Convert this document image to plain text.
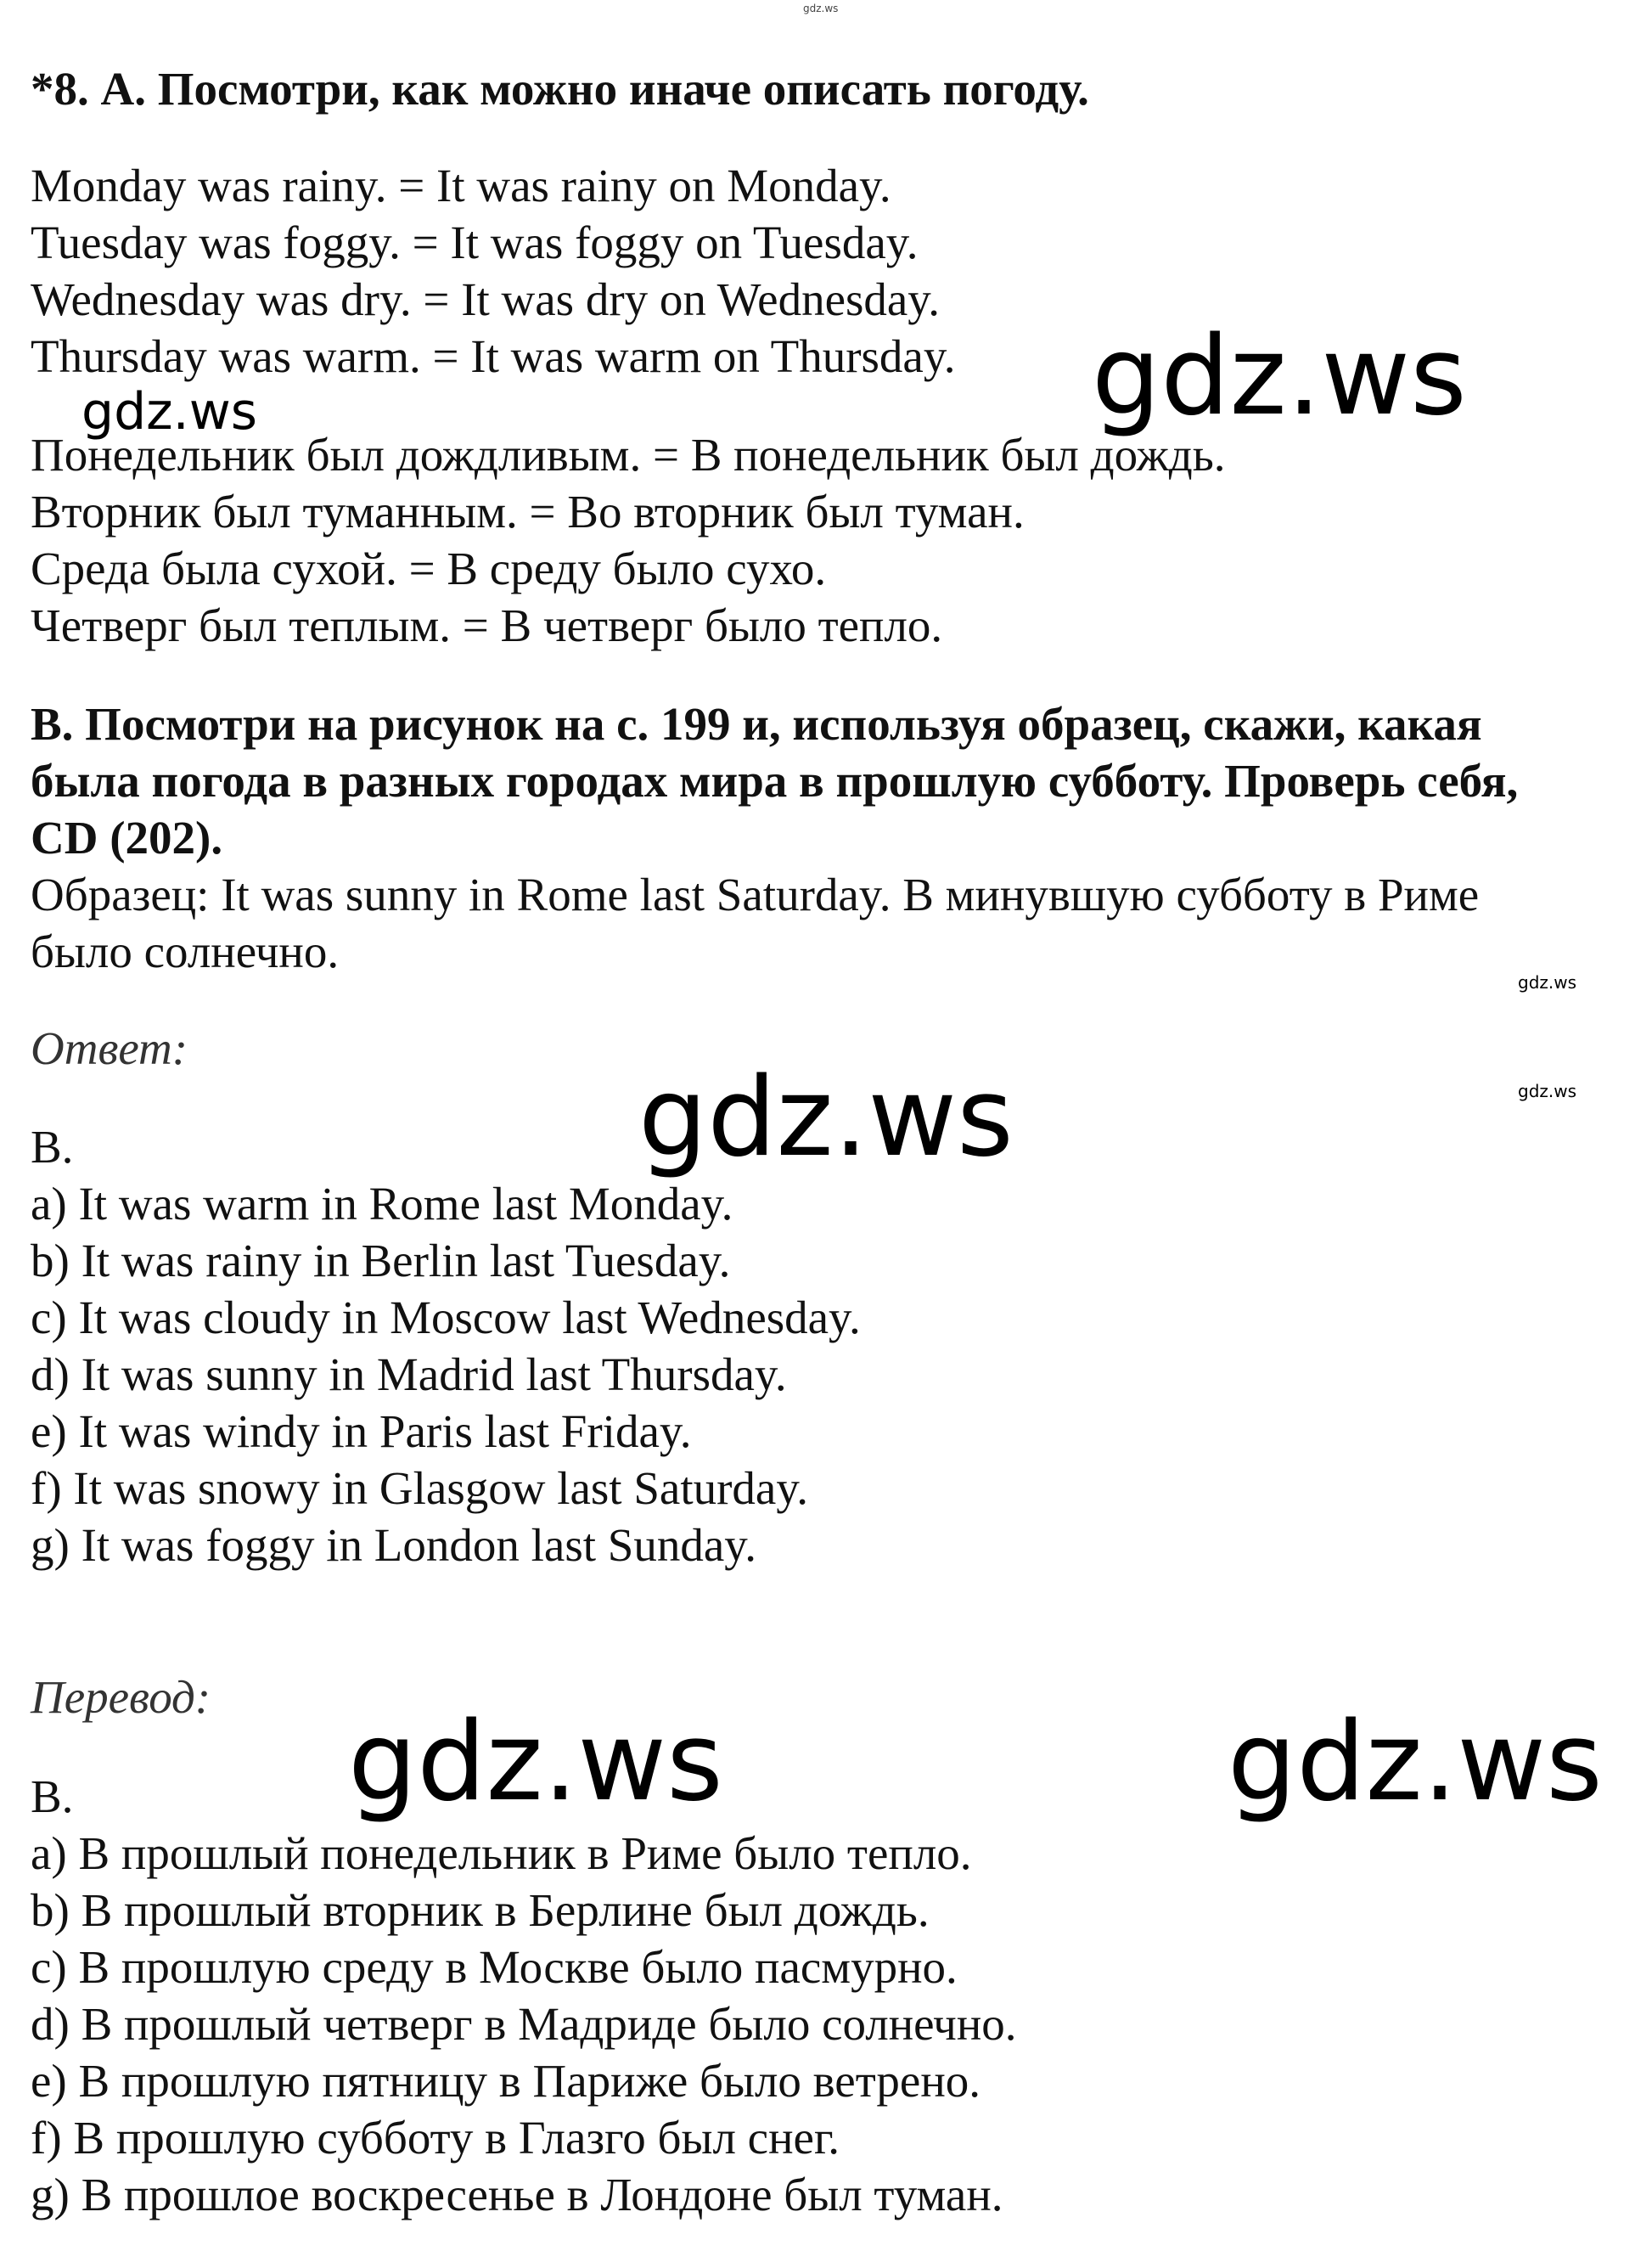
gdz.ws
gdz.ws
gdz.ws
gdz.ws
gdz.ws
gdz.ws
gdz.ws	gdz.ws

*8. А. Посмотри, как можно иначе описать погоду.

Monday was rainy. = It was rainy on Monday.

Tuesday was foggy. = It was foggy on Tuesday.

Wednesday was dry. = It was dry on Wednesday.

Thursday was warm. = It was warm on Thursday.

Понедельник был дождливым. = В понедельник был дождь.

Вторник был туманным. = Во вторник был туман.

Среда была сухой. = В среду было сухо.

Четверг был теплым. = В четверг было тепло.

В. Посмотри на рисунок на с. 199 и, используя образец, скажи, какая

была погода в разных городах мира в прошлую субботу. Проверь себя,

CD (202).

Образец: It was sunny in Rome last Saturday. В минувшую субботу в Риме

было солнечно.

Ответ:

B.

a) It was warm in Rome last Monday.

b) It was rainy in Berlin last Tuesday.

c) It was cloudy in Moscow last Wednesday.

d) It was sunny in Madrid last Thursday.

e) It was windy in Paris last Friday.

f) It was snowy in Glasgow last Saturday.

g) It was foggy in London last Sunday.

Перевод:

B.

a) В прошлый понедельник в Риме было тепло.

b) В прошлый вторник в Берлине был дождь.

c) В прошлую среду в Москве было пасмурно.

d) В прошлый четверг в Мадриде было солнечно.

e) В прошлую пятницу в Париже было ветрено.

f) В прошлую субботу в Глазго был снег.

g) В прошлое воскресенье в Лондоне был туман.
